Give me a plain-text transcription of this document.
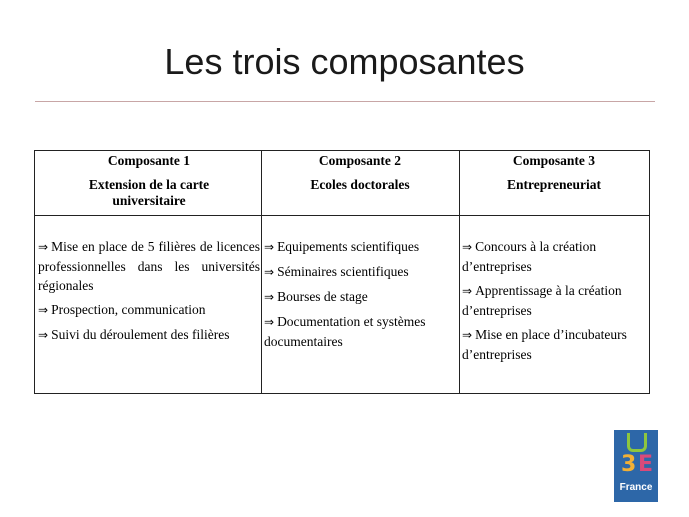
Les trois composantes
Composante 1
Extension de la carte universitaire
Composante 2
Ecoles doctorales
Composante 3
Entrepreneuriat
⇒ Mise en place de 5 filières de licences professionnelles dans les universités régionales
⇒ Prospection, communication
⇒ Suivi du déroulement des filières
⇒ Equipements scientifiques
⇒ Séminaires scientifiques
⇒ Bourses de stage
⇒ Documentation et systèmes documentaires
⇒ Concours à la création d’entreprises
⇒ Apprentissage à la création d’entreprises
⇒ Mise en place d’incubateurs d’entreprises
3 E
France
